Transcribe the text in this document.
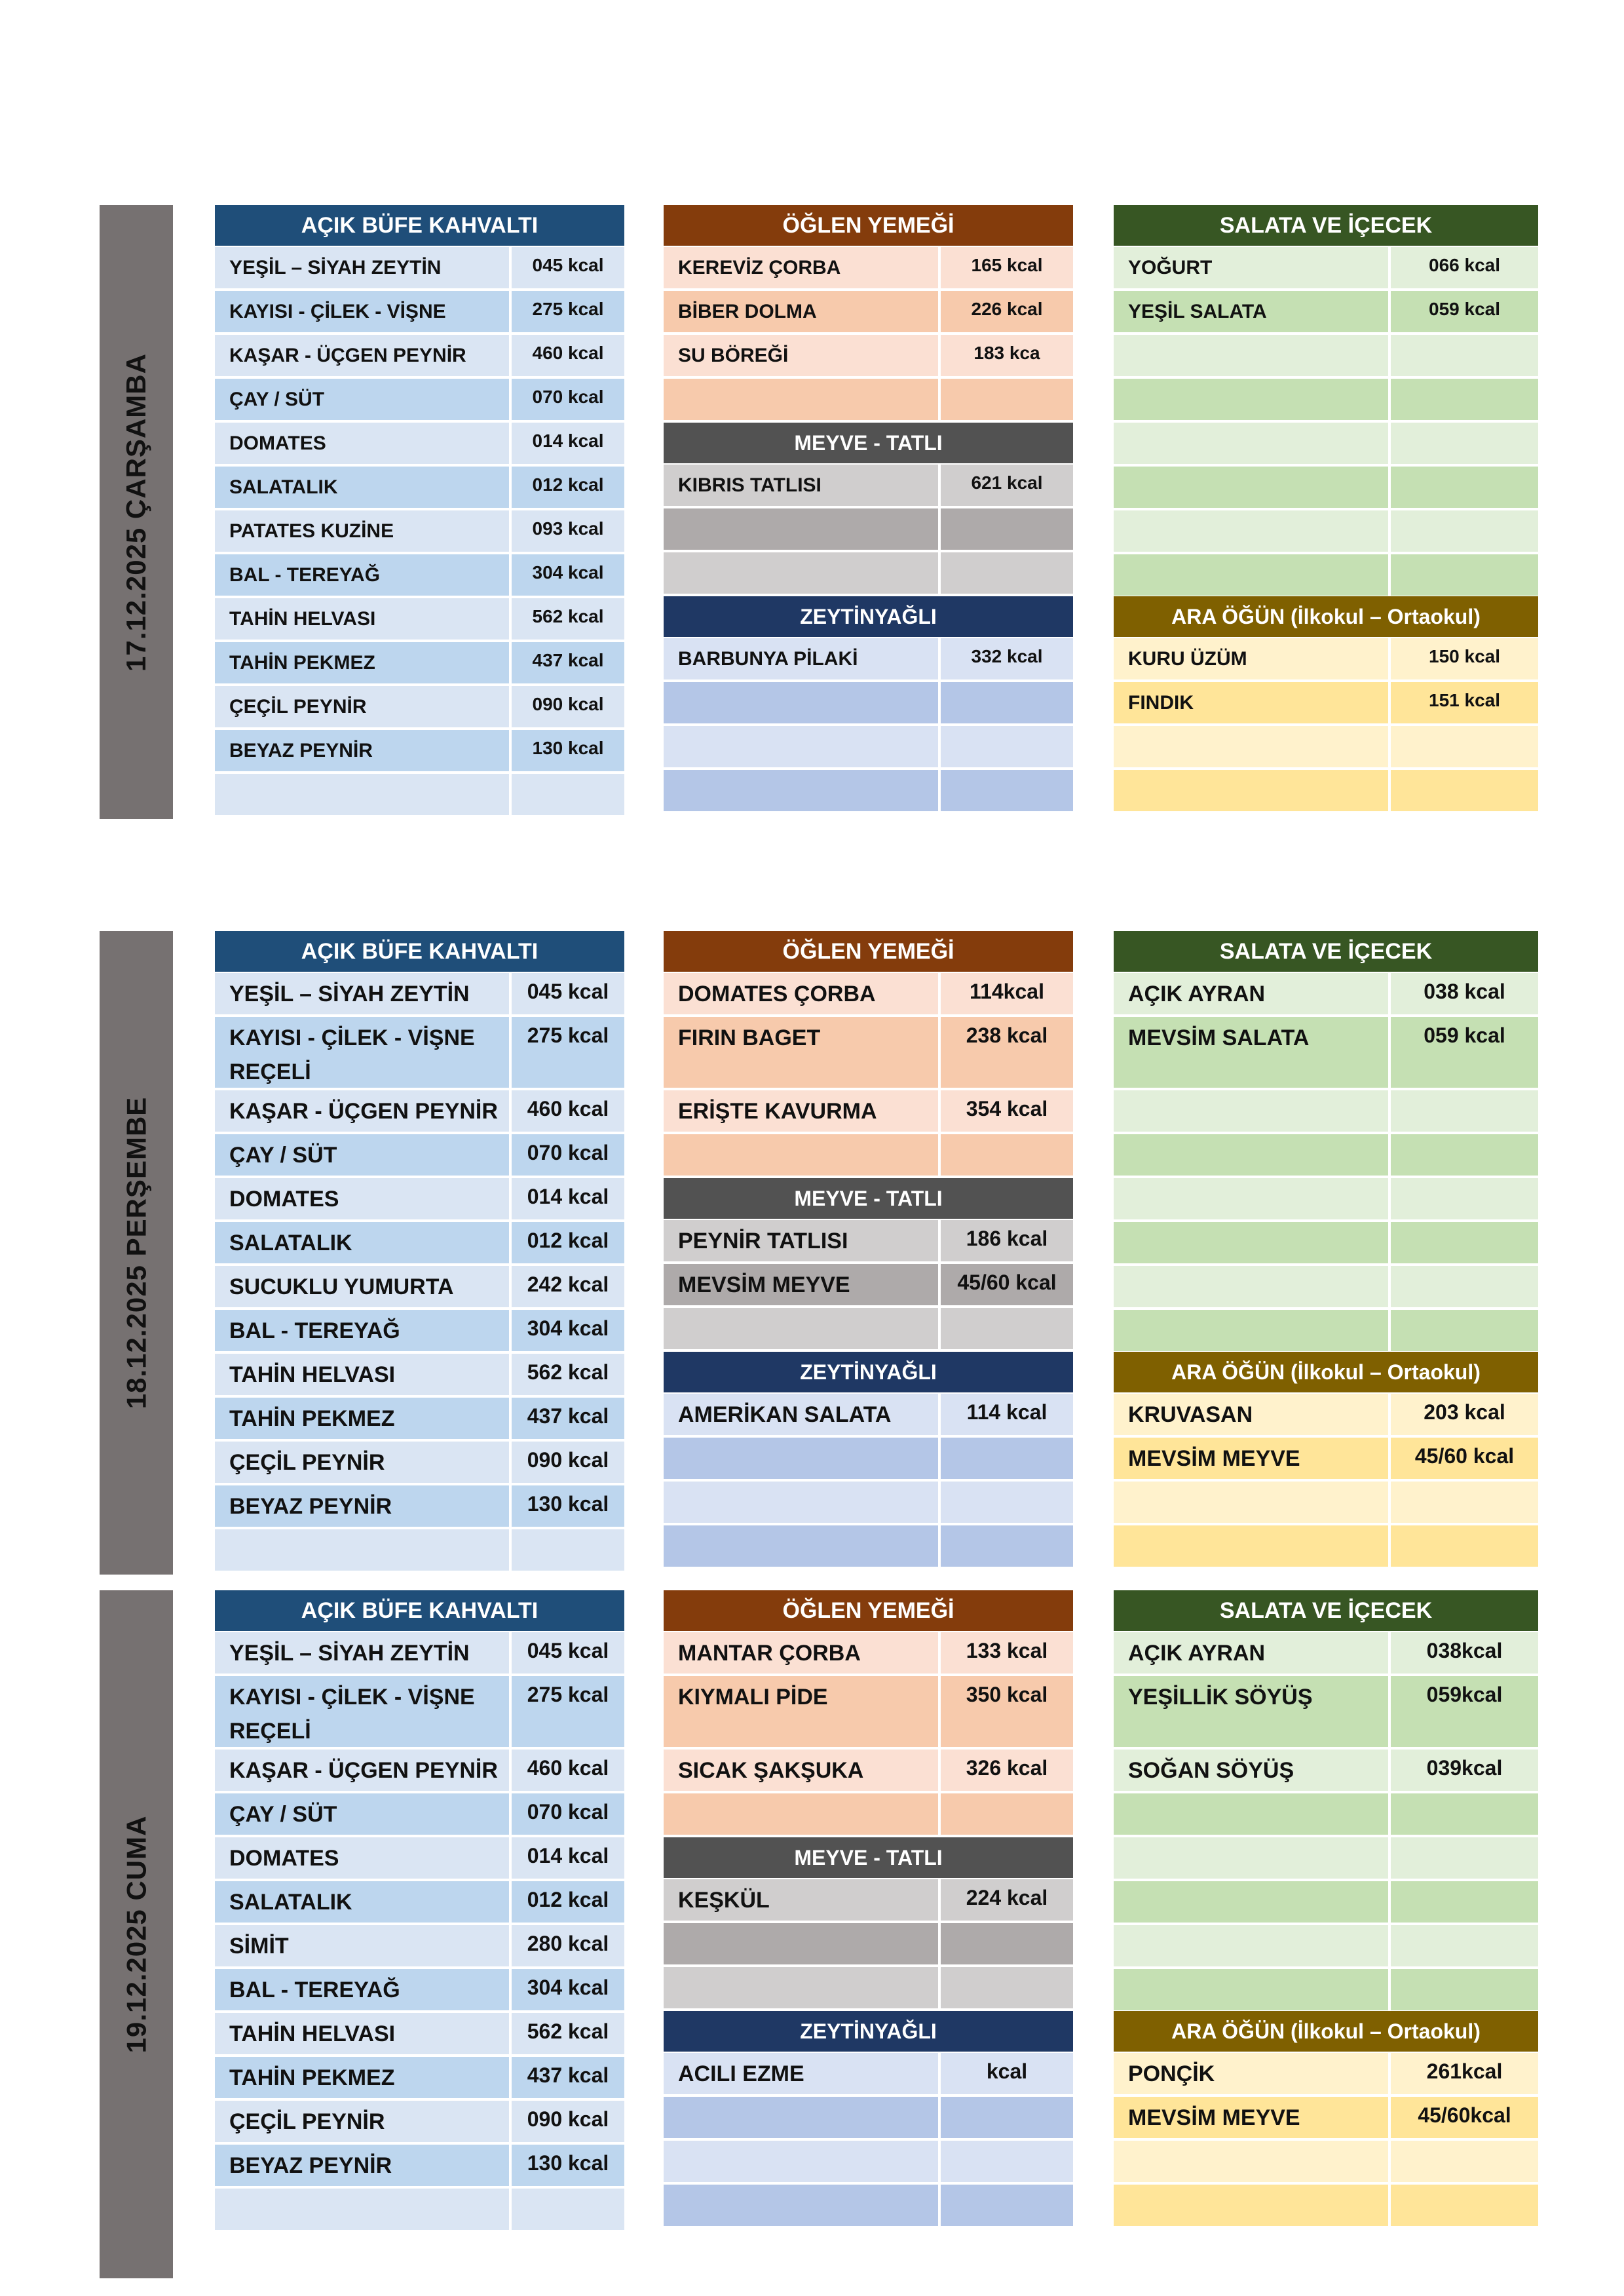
17.12.2025 ÇARŞAMBA
AÇIK BÜFE KAHVALTI
YEŞİL – SİYAH ZEYTİN	045 kcal
KAYISI - ÇİLEK - VİŞNE	275 kcal
KAŞAR - ÜÇGEN PEYNİR	460 kcal
ÇAY / SÜT	070 kcal
DOMATES	014 kcal
SALATALIK	012 kcal
PATATES KUZİNE	093 kcal
BAL - TEREYAĞ	304 kcal
TAHİN HELVASI	562 kcal
TAHİN PEKMEZ	437 kcal
ÇEÇİL PEYNİR	090 kcal
BEYAZ PEYNİR	130 kcal
ÖĞLEN YEMEĞİ
KEREVİZ ÇORBA	165 kcal
BİBER DOLMA	226 kcal
SU BÖREĞİ	183 kca
MEYVE - TATLI
KIBRIS TATLISI	621 kcal
ZEYTİNYAĞLI
BARBUNYA PİLAKİ	332 kcal
SALATA VE İÇECEK
YOĞURT	066 kcal
YEŞİL SALATA	059 kcal
ARA ÖĞÜN (İlkokul – Ortaokul)
KURU ÜZÜM	150 kcal
FINDIK	151 kcal
18.12.2025 PERŞEMBE
AÇIK BÜFE KAHVALTI
YEŞİL – SİYAH ZEYTİN	045 kcal
KAYISI - ÇİLEK - VİŞNE REÇELİ
275 kcal
KAŞAR - ÜÇGEN PEYNİR	460 kcal
ÇAY / SÜT	070 kcal
DOMATES	014 kcal
SALATALIK	012 kcal
SUCUKLU YUMURTA	242 kcal
BAL - TEREYAĞ	304 kcal
TAHİN HELVASI	562 kcal
TAHİN PEKMEZ	437 kcal
ÇEÇİL PEYNİR	090 kcal
BEYAZ PEYNİR	130 kcal
ÖĞLEN YEMEĞİ
DOMATES ÇORBA	114kcal
FIRIN BAGET	238 kcal
ERİŞTE KAVURMA	354 kcal
MEYVE - TATLI
PEYNİR TATLISI	186 kcal
MEVSİM MEYVE	45/60 kcal
ZEYTİNYAĞLI
AMERİKAN SALATA	114 kcal
SALATA VE İÇECEK
AÇIK AYRAN	038 kcal
MEVSİM SALATA	059 kcal
ARA ÖĞÜN (İlkokul – Ortaokul)
KRUVASAN	203 kcal
MEVSİM MEYVE	45/60 kcal
19.12.2025 CUMA
AÇIK BÜFE KAHVALTI
YEŞİL – SİYAH ZEYTİN	045 kcal
KAYISI - ÇİLEK - VİŞNE REÇELİ
275 kcal
KAŞAR - ÜÇGEN PEYNİR	460 kcal
ÇAY / SÜT	070 kcal
DOMATES	014 kcal
SALATALIK	012 kcal
SİMİT	280 kcal
BAL - TEREYAĞ	304 kcal
TAHİN HELVASI	562 kcal
TAHİN PEKMEZ	437 kcal
ÇEÇİL PEYNİR	090 kcal
BEYAZ PEYNİR	130 kcal
ÖĞLEN YEMEĞİ
MANTAR ÇORBA	133 kcal
KIYMALI PİDE	350 kcal
SICAK ŞAKŞUKA	326 kcal
MEYVE - TATLI
KEŞKÜL	224 kcal
ZEYTİNYAĞLI
ACILI EZME	kcal
SALATA VE İÇECEK
AÇIK AYRAN	038kcal
YEŞİLLİK SÖYÜŞ	059kcal
SOĞAN SÖYÜŞ	039kcal
ARA ÖĞÜN (İlkokul – Ortaokul)
PONÇİK	261kcal
MEVSİM MEYVE	45/60kcal
